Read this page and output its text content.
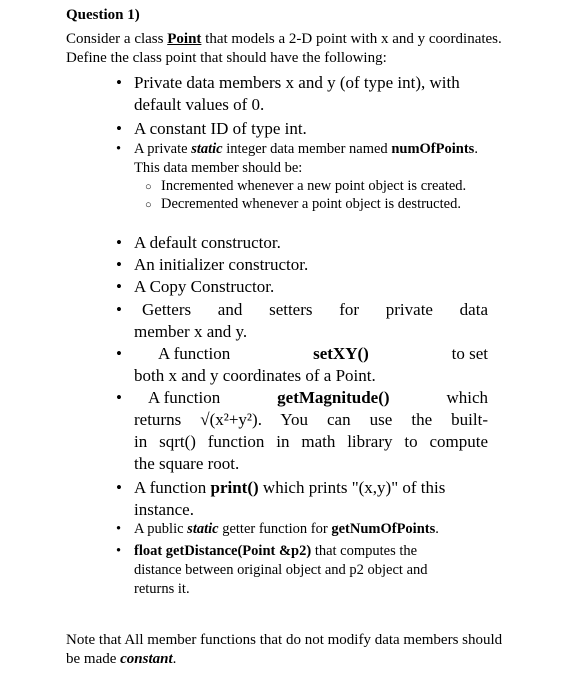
Question 1)
Consider a class Point that models a 2-D point with x and y coordinates. Define the class point that should have the following:
• Private data members x and y (of type int), with
default values of 0.
• A constant ID of type int.
• A private static integer data member named numOfPoints.
This data member should be:
○ Incremented whenever a new point object is created.
○ Decremented whenever a point object is destructed.
• A default constructor.
• An initializer constructor.
• A Copy Constructor.
•	Getters and setters for private data
member x and y.
• A function	setXY()	to set
both x and y coordinates of a Point.
• A function	getMagnitude()	which
returns √(x²+y²). You can use the built-
in sqrt() function in math library to compute
the square root.
• A function print() which prints "(x,y)" of this
instance.
• A public static getter function for getNumOfPoints.
• float getDistance(Point &p2) that computes the
distance between original object and p2 object and
returns it.
Note that All member functions that do not modify data members should be made constant.
